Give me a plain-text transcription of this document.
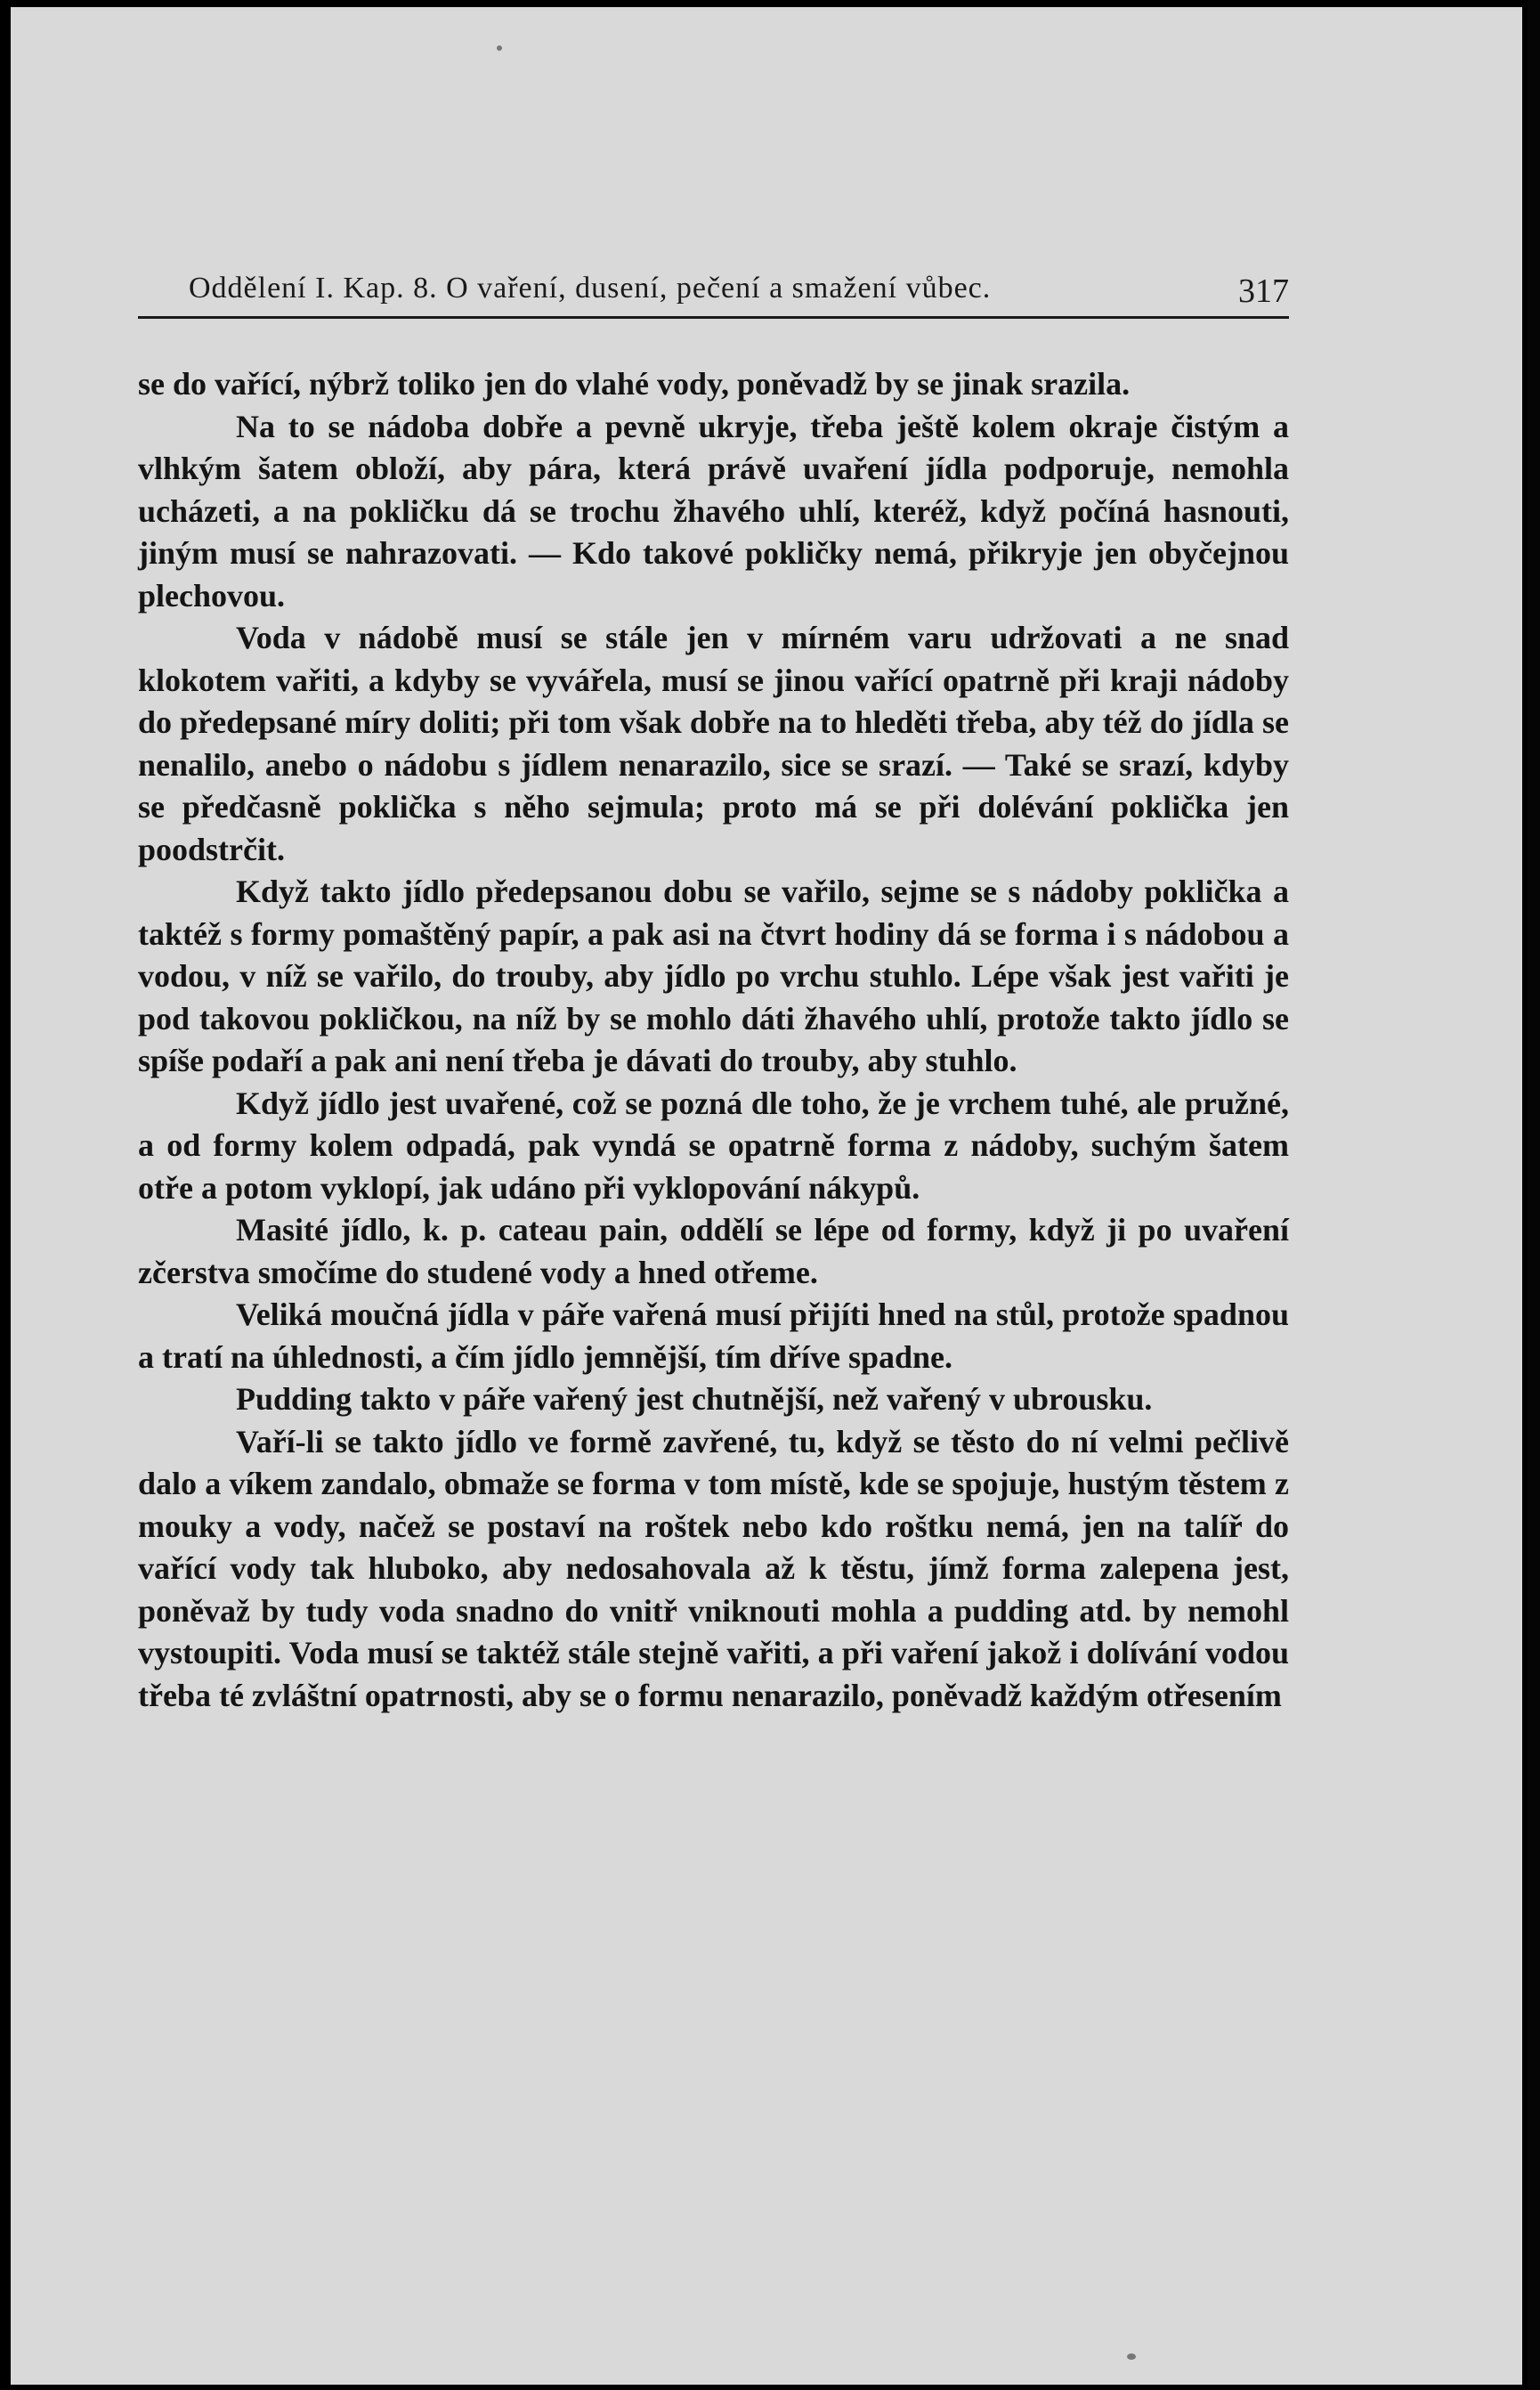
Oddělení I. Kap. 8. O vaření, dusení, pečení a smažení vůbec.	317

se do vařící, nýbrž toliko jen do vlahé vody, poněvadž by se jinak srazila.

Na to se nádoba dobře a pevně ukryje, třeba ještě kolem okraje čistým a vlhkým šatem obloží, aby pára, která právě uvaření jídla podporuje, nemohla ucházeti, a na pokličku dá se trochu žhavého uhlí, kteréž, když počíná hasnouti, jiným musí se nahrazovati. — Kdo takové pokličky nemá, přikryje jen obyčejnou plechovou.

Voda v nádobě musí se stále jen v mírném varu udržovati a ne snad klokotem vařiti, a kdyby se vyvářela, musí se jinou vařící opatrně při kraji nádoby do předepsané míry doliti; při tom však dobře na to hleděti třeba, aby též do jídla se nenalilo, anebo o nádobu s jídlem nenarazilo, sice se srazí. — Také se srazí, kdyby se předčasně poklička s něho sejmula; proto má se při dolévání poklička jen poodstrčit.

Když takto jídlo předepsanou dobu se vařilo, sejme se s nádoby poklička a taktéž s formy pomaštěný papír, a pak asi na čtvrt hodiny dá se forma i s nádobou a vodou, v níž se vařilo, do trouby, aby jídlo po vrchu stuhlo. Lépe však jest vařiti je pod takovou pokličkou, na níž by se mohlo dáti žhavého uhlí, protože takto jídlo se spíše podaří a pak ani není třeba je dávati do trouby, aby stuhlo.

Když jídlo jest uvařené, což se pozná dle toho, že je vrchem tuhé, ale pružné, a od formy kolem odpadá, pak vyndá se opatrně forma z nádoby, suchým šatem otře a potom vyklopí, jak udáno při vyklopování nákypů.

Masité jídlo, k. p. cateau pain, oddělí se lépe od formy, když ji po uvaření zčerstva smočíme do studené vody a hned otřeme.

Veliká moučná jídla v páře vařená musí přijíti hned na stůl, protože spadnou a tratí na úhlednosti, a čím jídlo jemnější, tím dříve spadne.

Pudding takto v páře vařený jest chutnější, než vařený v ubrousku.

Vaří-li se takto jídlo ve formě zavřené, tu, když se těsto do ní velmi pečlivě dalo a víkem zandalo, obmaže se forma v tom místě, kde se spojuje, hustým těstem z mouky a vody, načež se postaví na roštek nebo kdo roštku nemá, jen na talíř do vařící vody tak hluboko, aby nedosahovala až k těstu, jímž forma zalepena jest, poněvaž by tudy voda snadno do vnitř vniknouti mohla a pudding atd. by nemohl vystoupiti. Voda musí se taktéž stále stejně vařiti, a při vaření jakož i dolívání vodou třeba té zvláštní opatrnosti, aby se o formu nenarazilo, poněvadž každým otřesením
